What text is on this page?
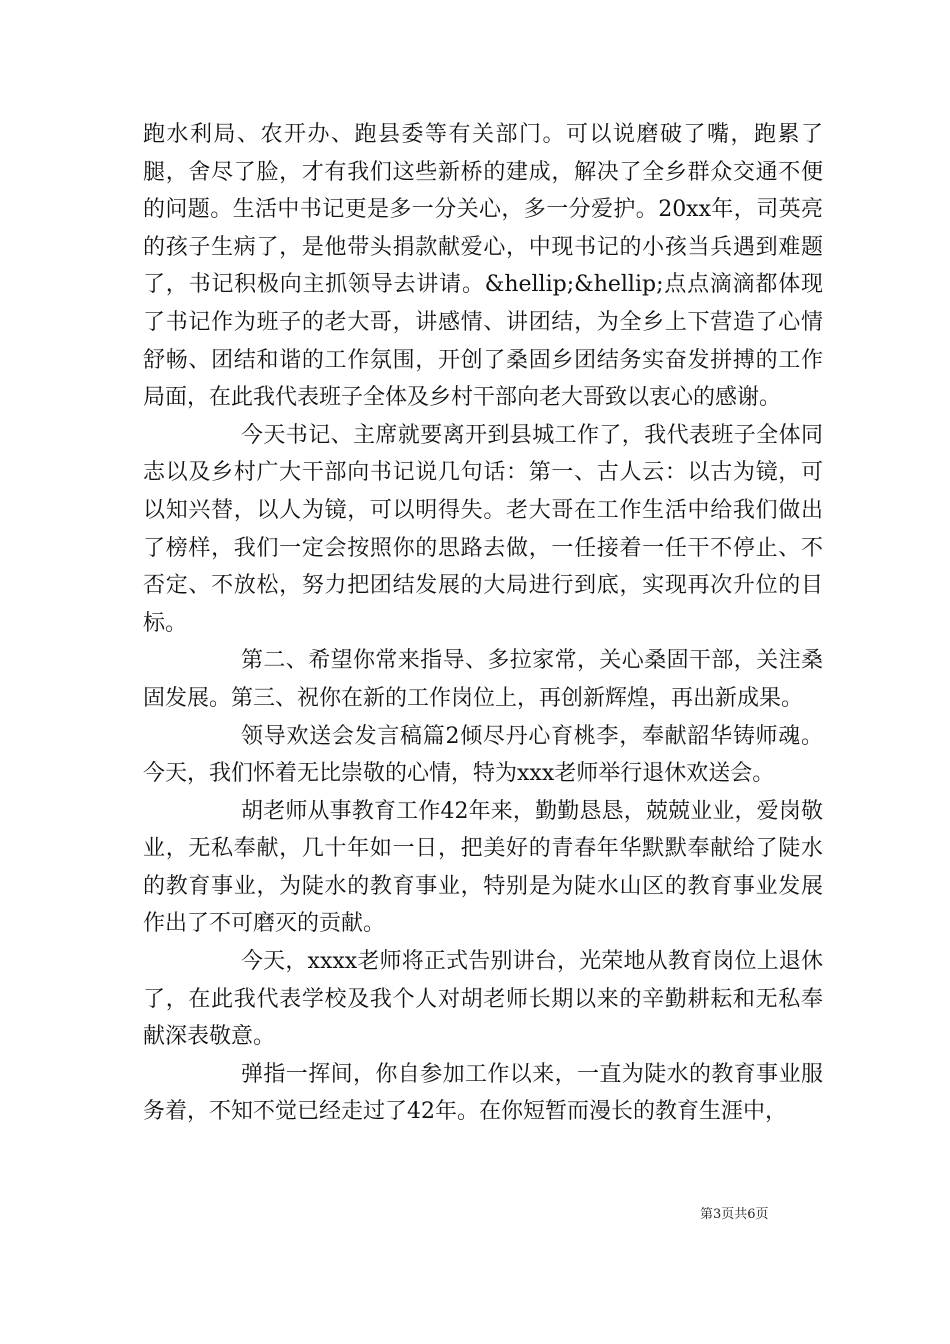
跑水利局、农开办、跑县委等有关部门。可以说磨破了嘴，跑累了腿，舍尽了脸，才有我们这些新桥的建成，解决了全乡群众交通不便的问题。生活中书记更是多一分关心，多一分爱护。20xx年，司英亮的孩子生病了，是他带头捐款献爱心，中现书记的小孩当兵遇到难题了，书记积极向主抓领导去讲请。&hellip;&hellip;点点滴滴都体现了书记作为班子的老大哥，讲感情、讲团结，为全乡上下营造了心情舒畅、团结和谐的工作氛围，开创了桑固乡团结务实奋发拼搏的工作局面，在此我代表班子全体及乡村干部向老大哥致以衷心的感谢。

今天书记、主席就要离开到县城工作了，我代表班子全体同志以及乡村广大干部向书记说几句话：第一、古人云：以古为镜，可以知兴替，以人为镜，可以明得失。老大哥在工作生活中给我们做出了榜样，我们一定会按照你的思路去做，一任接着一任干不停止、不否定、不放松，努力把团结发展的大局进行到底，实现再次升位的目标。

第二、希望你常来指导、多拉家常，关心桑固干部，关注桑固发展。第三、祝你在新的工作岗位上，再创新辉煌，再出新成果。

领导欢送会发言稿篇2倾尽丹心育桃李，奉献韶华铸师魂。今天，我们怀着无比崇敬的心情，特为xxx老师举行退休欢送会。

胡老师从事教育工作42年来，勤勤恳恳，兢兢业业，爱岗敬业，无私奉献，几十年如一日，把美好的青春年华默默奉献给了陡水的教育事业，为陡水的教育事业，特别是为陡水山区的教育事业发展作出了不可磨灭的贡献。

今天，xxxx老师将正式告别讲台，光荣地从教育岗位上退休了，在此我代表学校及我个人对胡老师长期以来的辛勤耕耘和无私奉献深表敬意。

弹指一挥间，你自参加工作以来，一直为陡水的教育事业服务着，不知不觉已经走过了42年。在你短暂而漫长的教育生涯中，

第3页共6页
